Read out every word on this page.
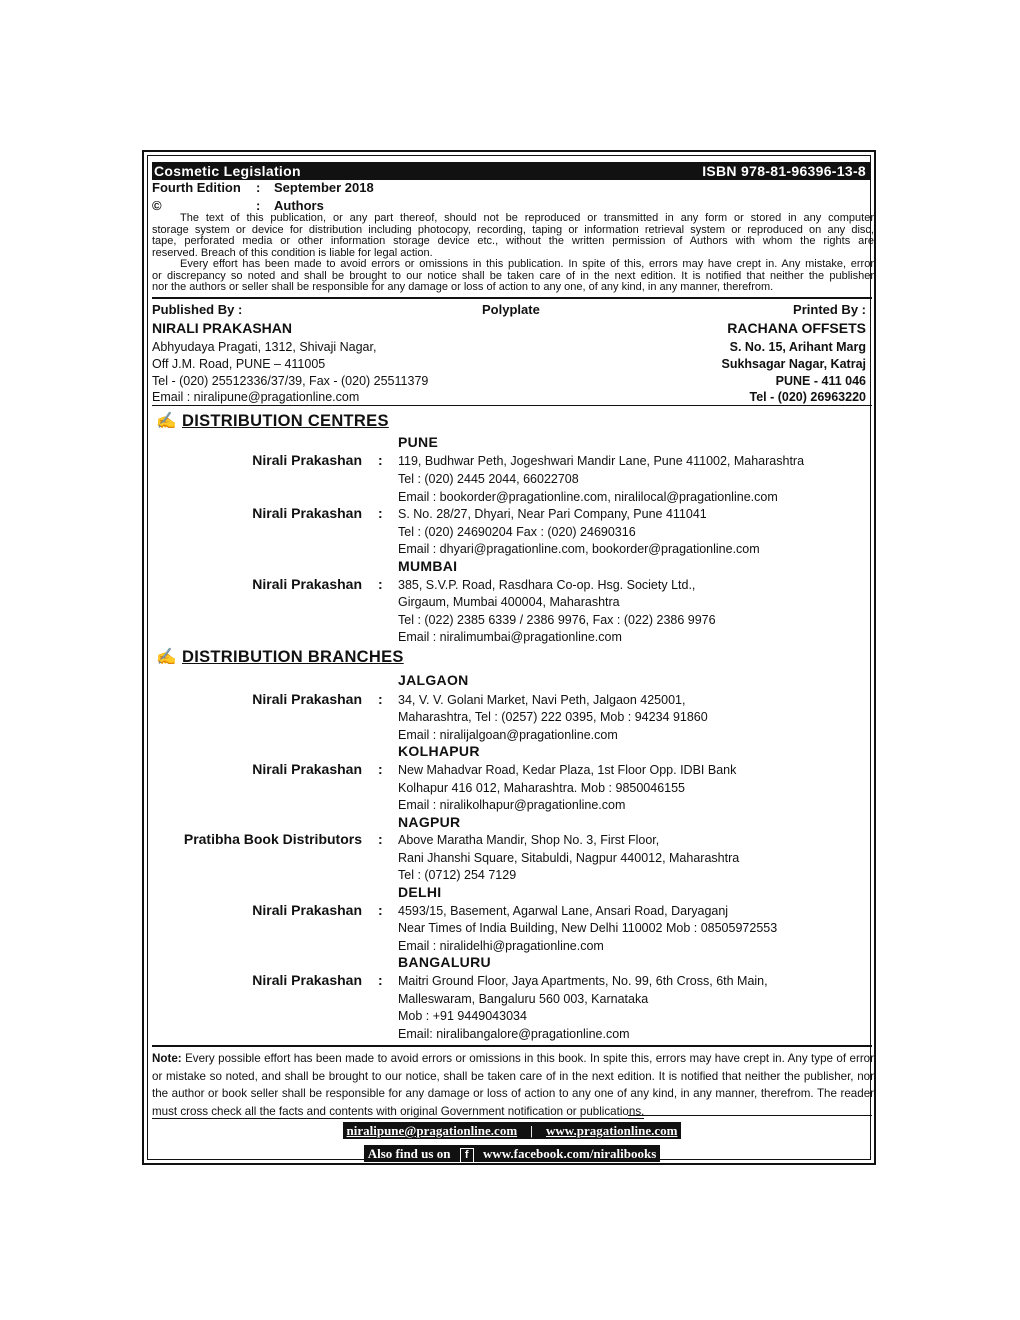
Cosmetic Legislation	ISBN 978-81-96396-13-8
Fourth Edition : September 2018
©	: Authors

The text of this publication, or any part thereof, should not be reproduced or transmitted in any form or stored in any computer

storage system or device for distribution including photocopy, recording, taping or information retrieval system or reproduced on any disc,

tape, perforated media or other information storage device etc., without the written permission of Authors with whom the rights are

reserved. Breach of this condition is liable for legal action.

Every effort has been made to avoid errors or omissions in this publication. In spite of this, errors may have crept in. Any mistake, error

or discrepancy so noted and shall be brought to our notice shall be taken care of in the next edition. It is notified that neither the publisher

nor the authors or seller shall be responsible for any damage or loss of action to any one, of any kind, in any manner, therefrom.

Published By :	Polyplate	Printed By :
NIRALI PRAKASHAN	RACHANA OFFSETS
Abhyudaya Pragati, 1312, Shivaji Nagar,
Off J.M. Road, PUNE – 411005
Tel - (020) 25512336/37/39, Fax - (020) 25511379
Email : niralipune@pragationline.com
S. No. 15, Arihant Marg
Sukhsagar Nagar, Katraj
PUNE - 411 046
Tel - (020) 26963220
✍ DISTRIBUTION CENTRES
PUNE
Nirali Prakashan : 119, Budhwar Peth, Jogeshwari Mandir Lane, Pune 411002, Maharashtra
Tel : (020) 2445 2044, 66022708
Email : bookorder@pragationline.com, niralilocal@pragationline.com
Nirali Prakashan : S. No. 28/27, Dhyari, Near Pari Company, Pune 411041
Tel : (020) 24690204 Fax : (020) 24690316
Email : dhyari@pragationline.com, bookorder@pragationline.com
MUMBAI
Nirali Prakashan : 385, S.V.P. Road, Rasdhara Co-op. Hsg. Society Ltd.,
Girgaum, Mumbai 400004, Maharashtra
Tel : (022) 2385 6339 / 2386 9976, Fax : (022) 2386 9976
Email : niralimumbai@pragationline.com
✍ DISTRIBUTION BRANCHES
JALGAON
Nirali Prakashan : 34, V. V. Golani Market, Navi Peth, Jalgaon 425001,
Maharashtra, Tel : (0257) 222 0395, Mob : 94234 91860
Email : niralijalgoan@pragationline.com
KOLHAPUR
Nirali Prakashan : New Mahadvar Road, Kedar Plaza, 1st Floor Opp. IDBI Bank
Kolhapur 416 012, Maharashtra. Mob : 9850046155
Email : niralikolhapur@pragationline.com
NAGPUR
Pratibha Book Distributors : Above Maratha Mandir, Shop No. 3, First Floor,
Rani Jhanshi Square, Sitabuldi, Nagpur 440012, Maharashtra
Tel : (0712) 254 7129
DELHI
Nirali Prakashan : 4593/15, Basement, Agarwal Lane, Ansari Road, Daryaganj
Near Times of India Building, New Delhi 110002 Mob : 08505972553
Email : niralidelhi@pragationline.com
BANGALURU
Nirali Prakashan : Maitri Ground Floor, Jaya Apartments, No. 99, 6th Cross, 6th Main,
Malleswaram, Bangaluru 560 003, Karnataka
Mob : +91 9449043034
Email: niralibangalore@pragationline.com

Note: Every possible effort has been made to avoid errors or omissions in this book. In spite this, errors may have crept in. Any type of error

or mistake so noted, and shall be brought to our notice, shall be taken care of in the next edition. It is notified that neither the publisher, nor

the author or book seller shall be responsible for any damage or loss of action to any one of any kind, in any manner, therefrom. The reader

must cross check all the facts and contents with original Government notification or publications.

niralipune@pragationline.com | www.pragationline.com
Also find us on f www.facebook.com/niralibooks
